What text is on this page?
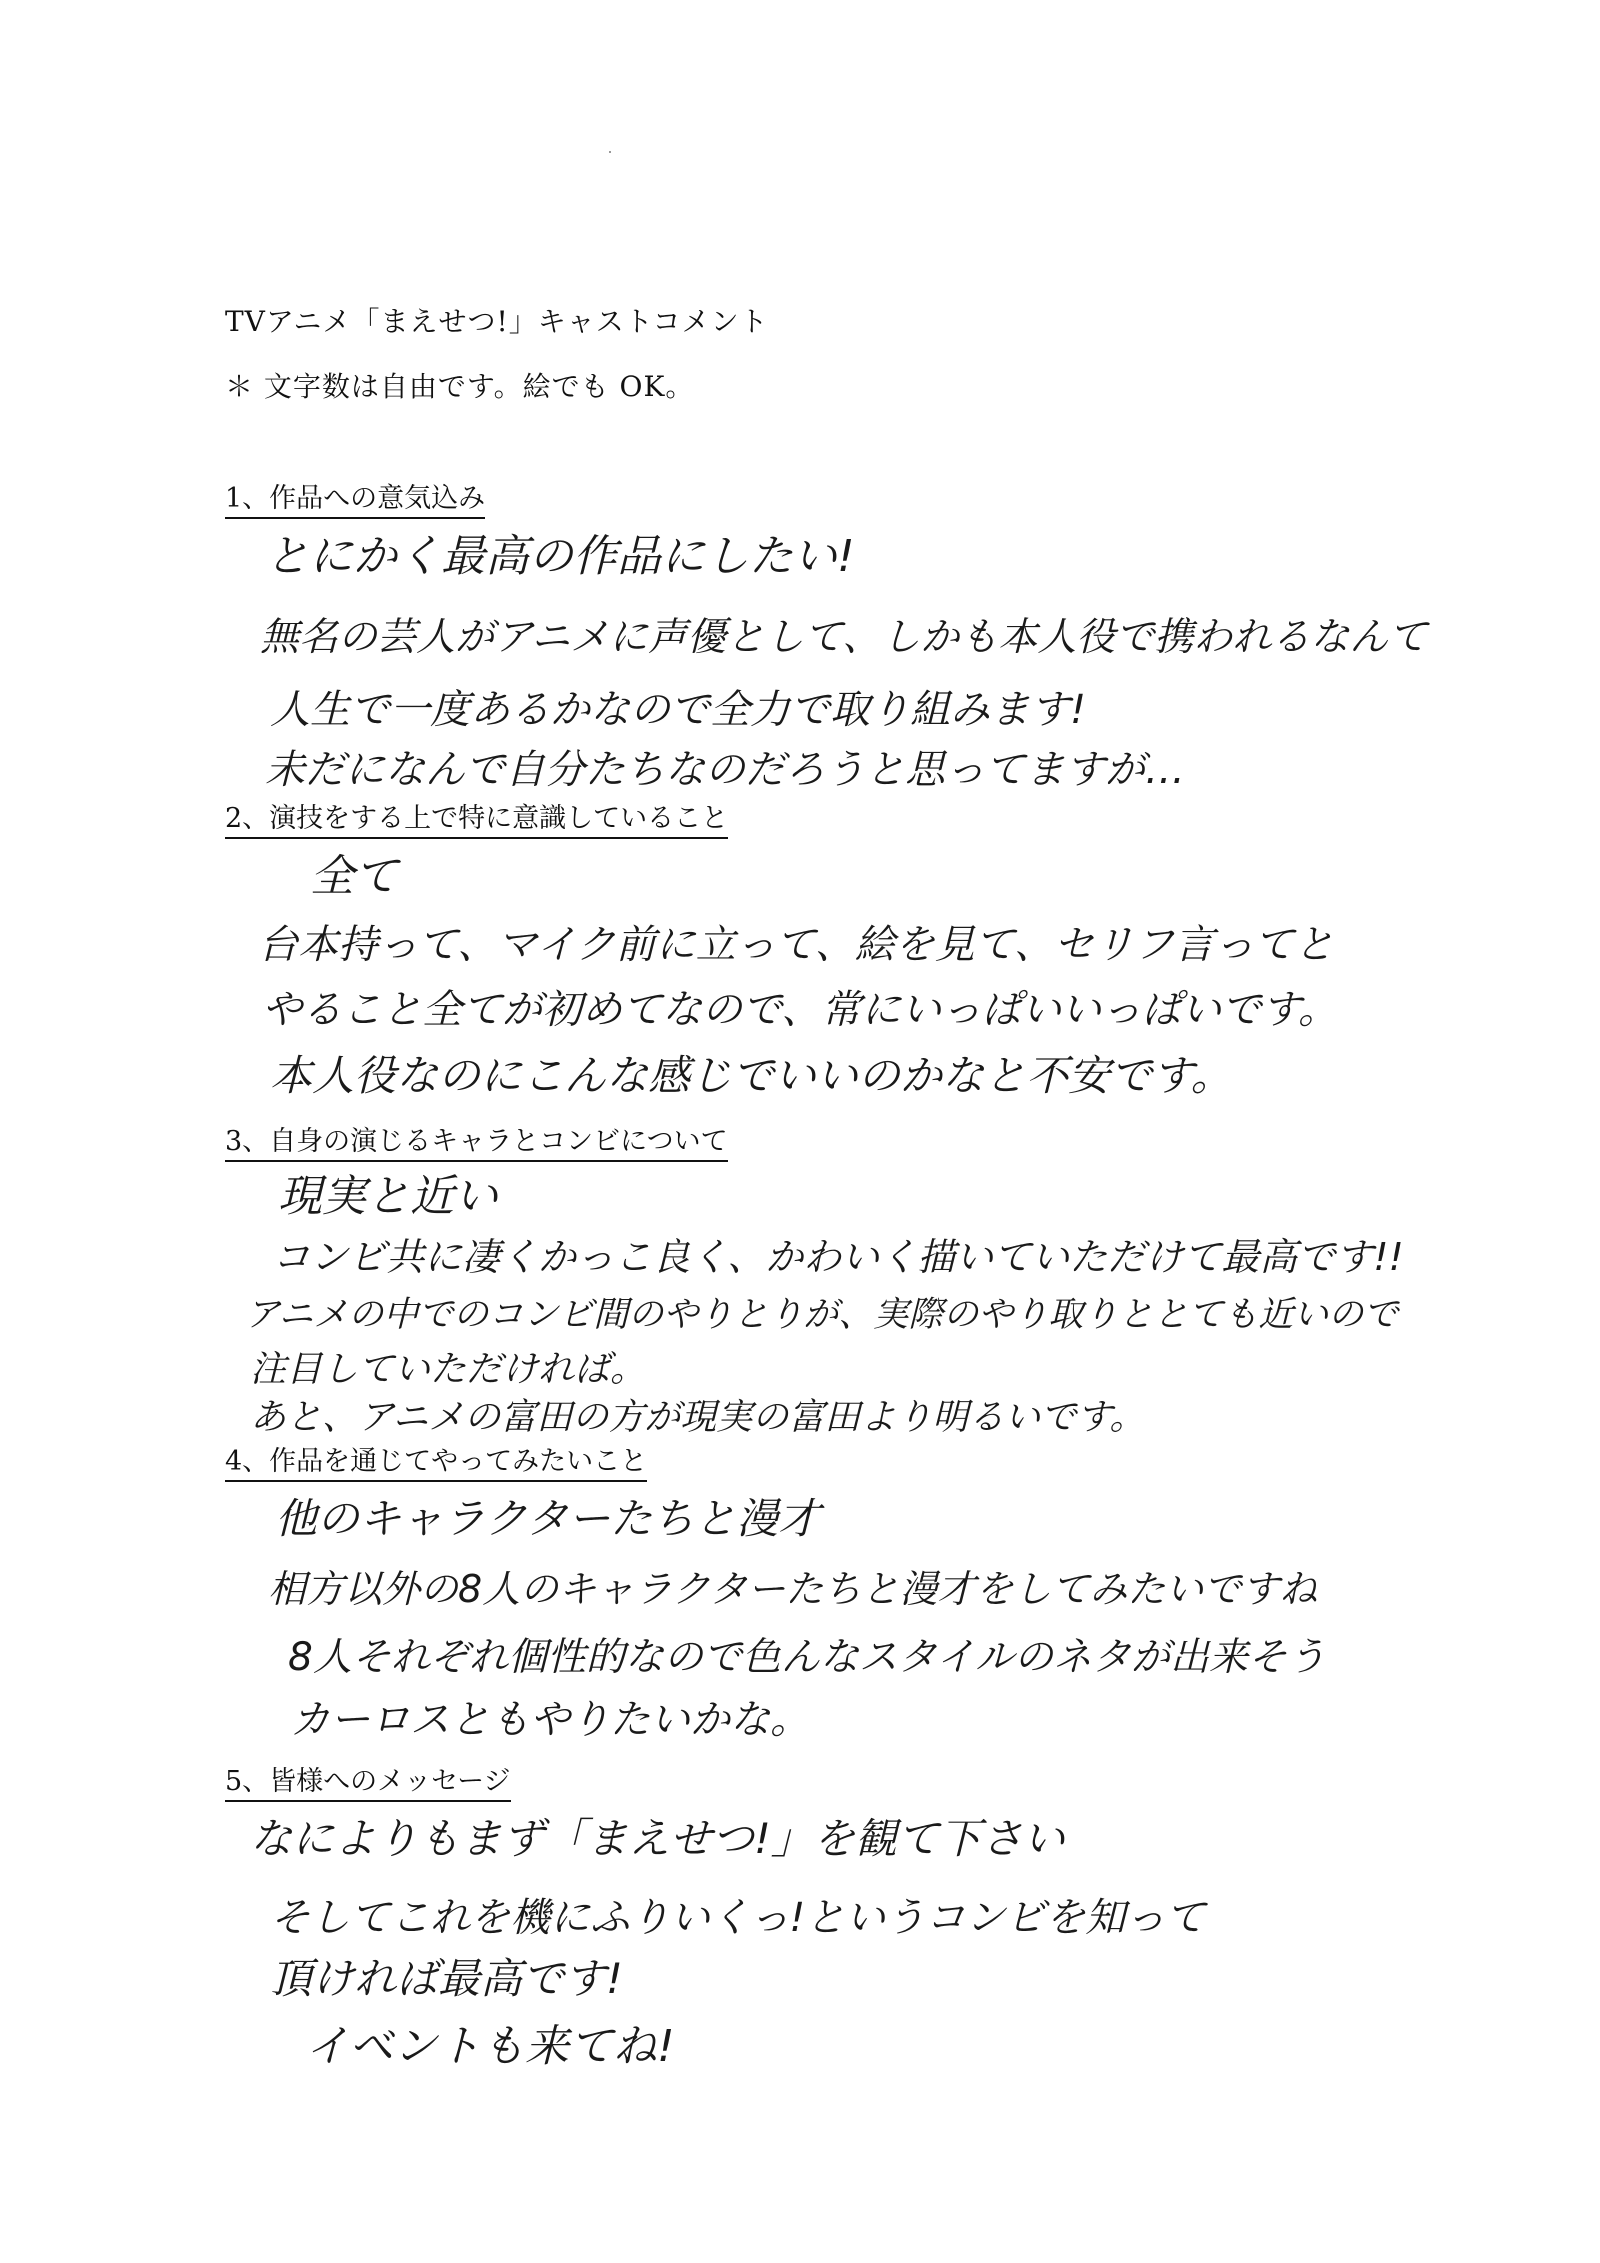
TVアニメ「まえせつ!」キャストコメント
＊ 文字数は自由です。絵でも OK。
1、作品への意気込み
とにかく最高の作品にしたい!
無名の芸人がアニメに声優として、しかも本人役で携われるなんて
人生で一度あるかなので全力で取り組みます!
未だになんで自分たちなのだろうと思ってますが…
2、演技をする上で特に意識していること
全て
台本持って、マイク前に立って、絵を見て、セリフ言ってと
やること全てが初めてなので、常にいっぱいいっぱいです。
本人役なのにこんな感じでいいのかなと不安です。
3、自身の演じるキャラとコンビについて
現実と近い
コンビ共に凄くかっこ良く、かわいく描いていただけて最高です!!
アニメの中でのコンビ間のやりとりが、実際のやり取りととても近いので
注目していただければ。
あと、アニメの富田の方が現実の富田より明るいです。
4、作品を通じてやってみたいこと
他のキャラクターたちと漫才
相方以外の8人のキャラクターたちと漫才をしてみたいですね
8人それぞれ個性的なので色んなスタイルのネタが出来そう
カーロスともやりたいかな。
5、皆様へのメッセージ
なによりもまず「まえせつ!」を観て下さい
そしてこれを機にふりいくっ!というコンビを知って
頂ければ最高です!
イベントも来てね!
